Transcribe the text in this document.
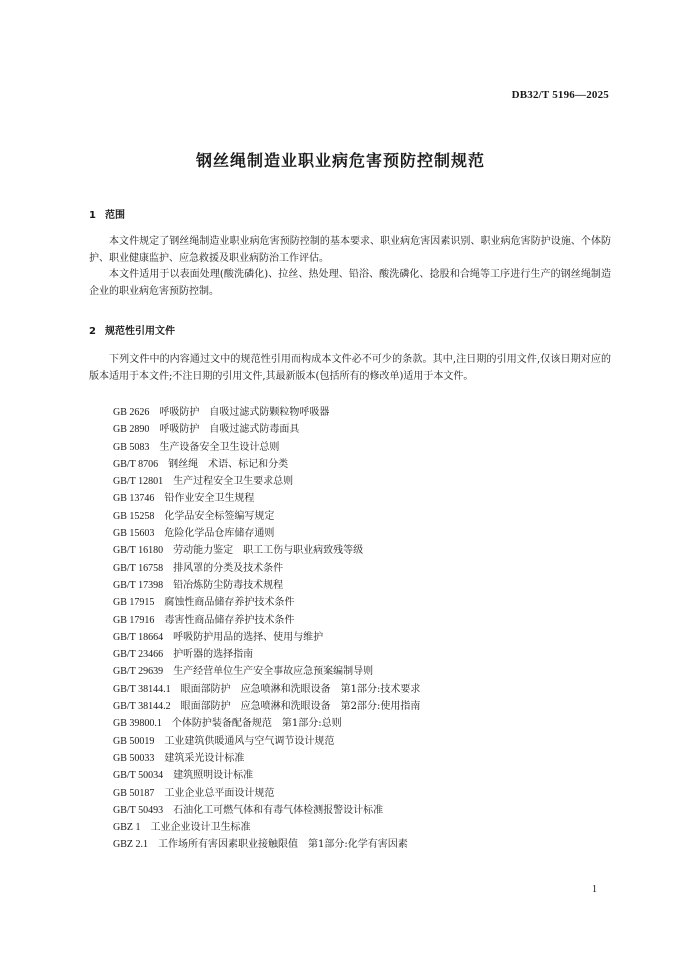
DB32/T 5196—2025
钢丝绳制造业职业病危害预防控制规范
1 范围

本文件规定了钢丝绳制造业职业病危害预防控制的基本要求、职业病危害因素识别、职业病危害防护设施、个体防护、职业健康监护、应急救援及职业病防治工作评估。

本文件适用于以表面处理(酸洗磷化)、拉丝、热处理、铅浴、酸洗磷化、捻股和合绳等工序进行生产的钢丝绳制造企业的职业病危害预防控制。

2 规范性引用文件

下列文件中的内容通过文中的规范性引用而构成本文件必不可少的条款。其中,注日期的引用文件,仅该日期对应的版本适用于本文件;不注日期的引用文件,其最新版本(包括所有的修改单)适用于本文件。

GB 2626 呼吸防护　自吸过滤式防颗粒物呼吸器
GB 2890 呼吸防护　自吸过滤式防毒面具
GB 5083 生产设备安全卫生设计总则
GB/T 8706 钢丝绳　术语、标记和分类
GB/T 12801 生产过程安全卫生要求总则
GB 13746 铅作业安全卫生规程
GB 15258 化学品安全标签编写规定
GB 15603 危险化学品仓库储存通则
GB/T 16180 劳动能力鉴定　职工工伤与职业病致残等级
GB/T 16758 排风罩的分类及技术条件
GB/T 17398 铅冶炼防尘防毒技术规程
GB 17915 腐蚀性商品储存养护技术条件
GB 17916 毒害性商品储存养护技术条件
GB/T 18664 呼吸防护用品的选择、使用与维护
GB/T 23466 护听器的选择指南
GB/T 29639 生产经营单位生产安全事故应急预案编制导则
GB/T 38144.1 眼面部防护　应急喷淋和洗眼设备　第1部分:技术要求
GB/T 38144.2 眼面部防护　应急喷淋和洗眼设备　第2部分:使用指南
GB 39800.1 个体防护装备配备规范　第1部分:总则
GB 50019 工业建筑供暖通风与空气调节设计规范
GB 50033 建筑采光设计标准
GB/T 50034 建筑照明设计标准
GB 50187 工业企业总平面设计规范
GB/T 50493 石油化工可燃气体和有毒气体检测报警设计标准
GBZ 1 工业企业设计卫生标准
GBZ 2.1 工作场所有害因素职业接触限值　第1部分:化学有害因素
1
